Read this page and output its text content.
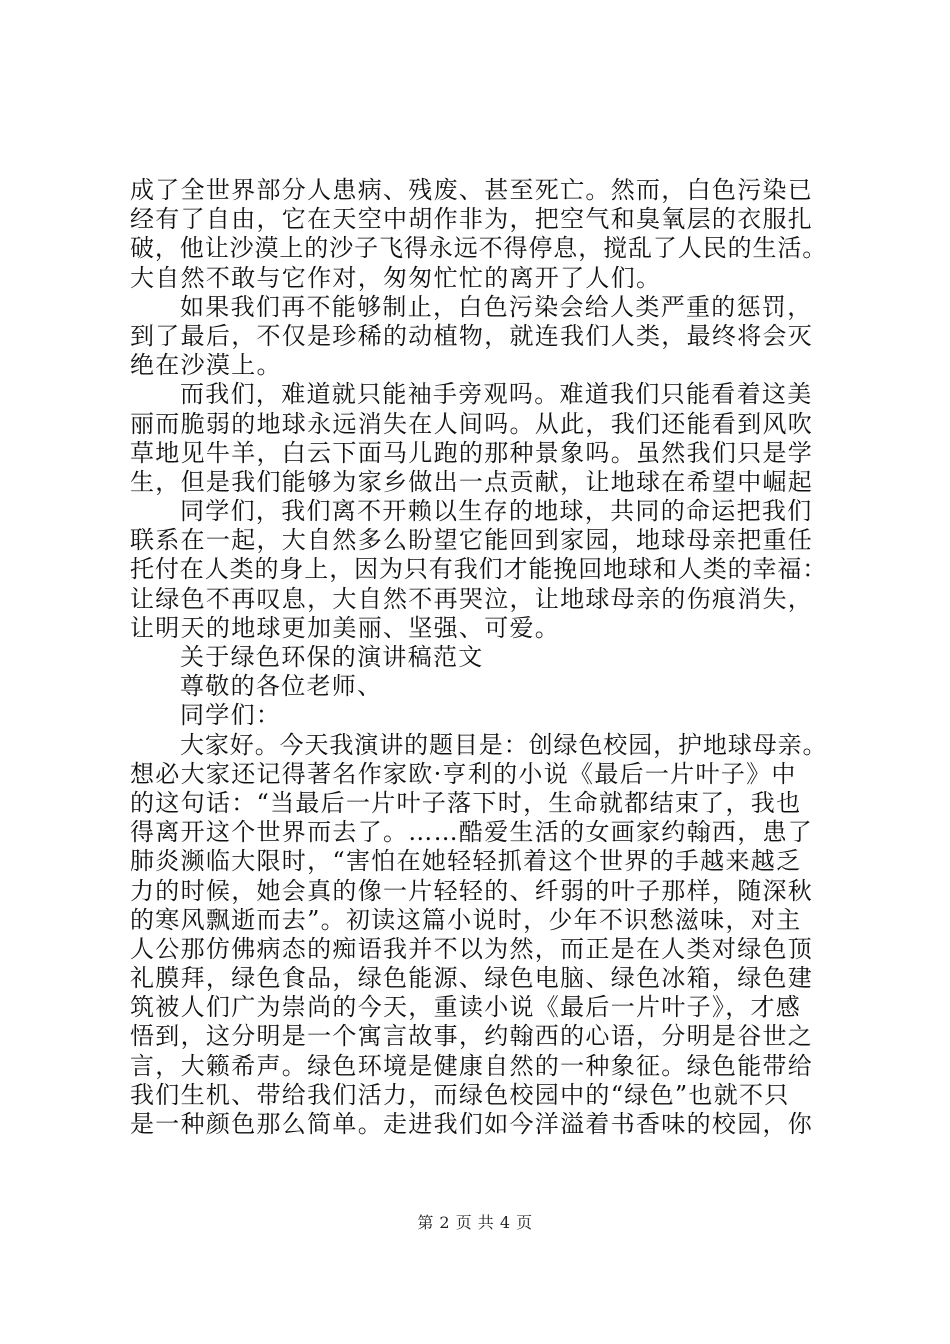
成了全世界部分人患病、残废、甚至死亡。然而，白色污染已
经有了自由，它在天空中胡作非为，把空气和臭氧层的衣服扎
破，他让沙漠上的沙子飞得永远不得停息，搅乱了人民的生活。
大自然不敢与它作对，匆匆忙忙的离开了人们。
如果我们再不能够制止，白色污染会给人类严重的惩罚，
到了最后，不仅是珍稀的动植物，就连我们人类，最终将会灭
绝在沙漠上。
而我们，难道就只能袖手旁观吗。难道我们只能看着这美
丽而脆弱的地球永远消失在人间吗。从此，我们还能看到风吹
草地见牛羊，白云下面马儿跑的那种景象吗。虽然我们只是学
生，但是我们能够为家乡做出一点贡献，让地球在希望中崛起
同学们，我们离不开赖以生存的地球，共同的命运把我们
联系在一起，大自然多么盼望它能回到家园，地球母亲把重任
托付在人类的身上，因为只有我们才能挽回地球和人类的幸福：
让绿色不再叹息，大自然不再哭泣，让地球母亲的伤痕消失，
让明天的地球更加美丽、坚强、可爱。
关于绿色环保的演讲稿范文
尊敬的各位老师、
同学们：
大家好。今天我演讲的题目是：创绿色校园，护地球母亲。
想必大家还记得著名作家欧·亨利的小说《最后一片叶子》中
的这句话：“当最后一片叶子落下时，生命就都结束了，我也
得离开这个世界而去了。……酷爱生活的女画家约翰西，患了
肺炎濒临大限时，“害怕在她轻轻抓着这个世界的手越来越乏
力的时候，她会真的像一片轻轻的、纤弱的叶子那样，随深秋
的寒风飘逝而去”。初读这篇小说时，少年不识愁滋味，对主
人公那仿佛病态的痴语我并不以为然，而正是在人类对绿色顶
礼膜拜，绿色食品，绿色能源、绿色电脑、绿色冰箱，绿色建
筑被人们广为崇尚的今天，重读小说《最后一片叶子》，才感
悟到，这分明是一个寓言故事，约翰西的心语，分明是谷世之
言，大籁希声。绿色环境是健康自然的一种象征。绿色能带给
我们生机、带给我们活力，而绿色校园中的“绿色”也就不只
是一种颜色那么简单。走进我们如今洋溢着书香味的校园，你
第 2 页 共 4 页
